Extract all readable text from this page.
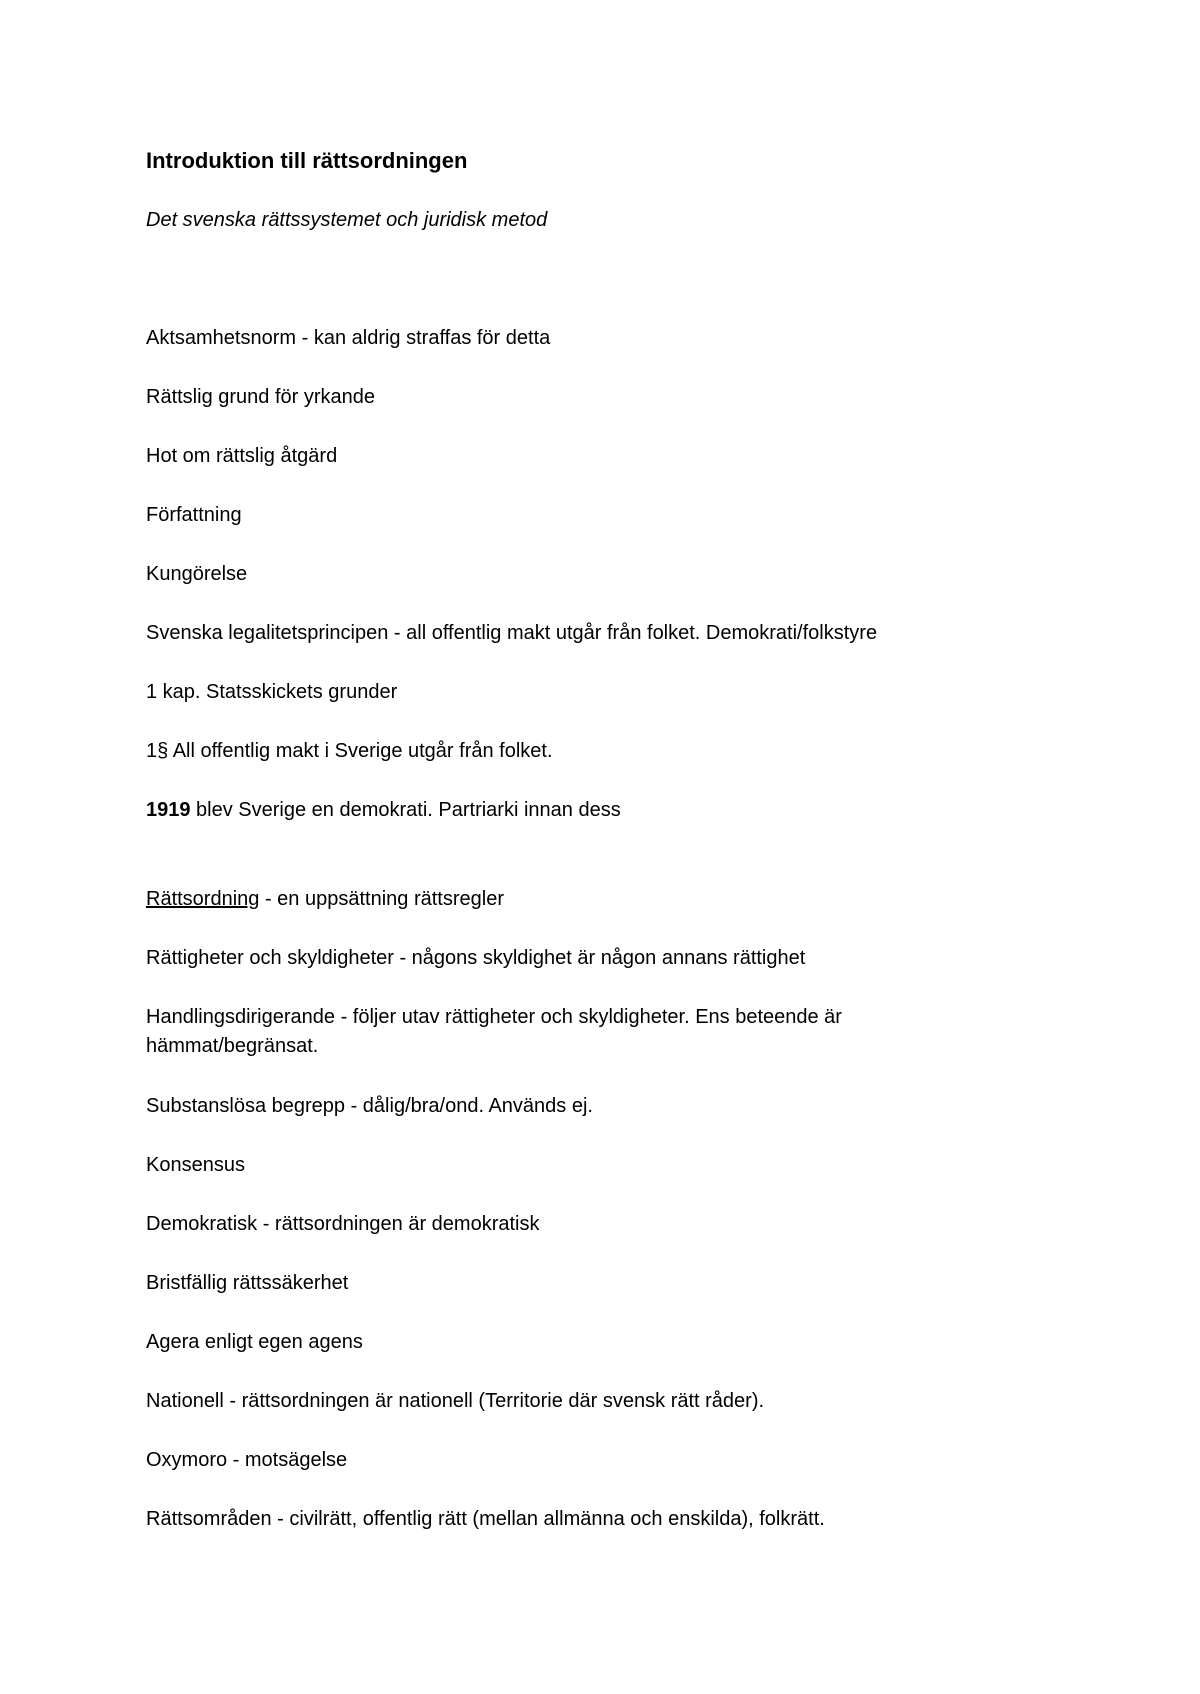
Introduktion till rättsordningen

Det svenska rättssystemet och juridisk metod

Aktsamhetsnorm - kan aldrig straffas för detta

Rättslig grund för yrkande

Hot om rättslig åtgärd

Författning

Kungörelse

Svenska legalitetsprincipen - all offentlig makt utgår från folket. Demokrati/folkstyre

1 kap. Statsskickets grunder

1§ All offentlig makt i Sverige utgår från folket.

1919 blev Sverige en demokrati. Partriarki innan dess

Rättsordning - en uppsättning rättsregler

Rättigheter och skyldigheter - någons skyldighet är någon annans rättighet

Handlingsdirigerande - följer utav rättigheter och skyldigheter. Ens beteende är hämmat/begränsat.

Substanslösa begrepp - dålig/bra/ond. Används ej.

Konsensus

Demokratisk - rättsordningen är demokratisk

Bristfällig rättssäkerhet

Agera enligt egen agens

Nationell - rättsordningen är nationell (Territorie där svensk rätt råder).

Oxymoro - motsägelse

Rättsområden - civilrätt, offentlig rätt (mellan allmänna och enskilda), folkrätt.
